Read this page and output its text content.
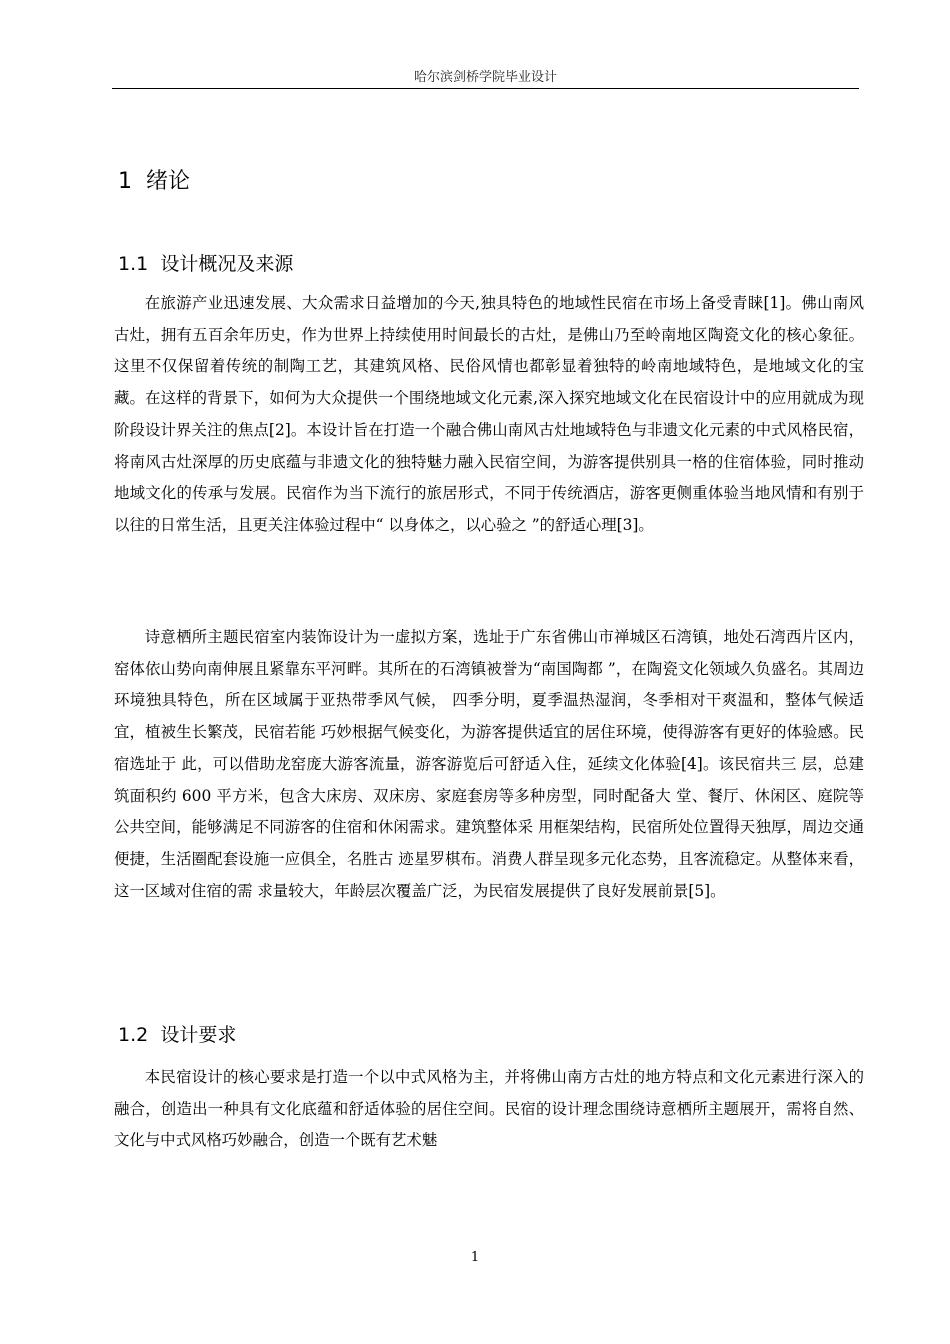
哈尔滨剑桥学院毕业设计
1 绪论
1.1 设计概况及来源

在旅游产业迅速发展、大众需求日益增加的今天,独具特色的地域性民宿在市场上备受青睐[1]。佛山南风古灶，拥有五百余年历史，作为世界上持续使用时间最长的古灶，是佛山乃至岭南地区陶瓷文化的核心象征。这里不仅保留着传统的制陶工艺，其建筑风格、民俗风情也都彰显着独特的岭南地域特色，是地域文化的宝藏。在这样的背景下，如何为大众提供一个围绕地域文化元素,深入探究地域文化在民宿设计中的应用就成为现阶段设计界关注的焦点[2]。本设计旨在打造一个融合佛山南风古灶地域特色与非遗文化元素的中式风格民宿，将南风古灶深厚的历史底蕴与非遗文化的独特魅力融入民宿空间，为游客提供别具一格的住宿体验，同时推动地域文化的传承与发展。民宿作为当下流行的旅居形式，不同于传统酒店，游客更侧重体验当地风情和有别于以往的日常生活，且更关注体验过程中“ 以身体之，以心验之 ”的舒适心理[3]。

诗意栖所主题民宿室内装饰设计为一虚拟方案，选址于广东省佛山市禅城区石湾镇，地处石湾西片区内，窑体依山势向南伸展且紧靠东平河畔。其所在的石湾镇被誉为“南国陶都 ”，在陶瓷文化领域久负盛名。其周边环境独具特色，所在区域属于亚热带季风气候， 四季分明，夏季温热湿润，冬季相对干爽温和，整体气候适宜，植被生长繁茂，民宿若能 巧妙根据气候变化，为游客提供适宜的居住环境，使得游客有更好的体验感。民宿选址于 此，可以借助龙窑庞大游客流量，游客游览后可舒适入住，延续文化体验[4]。该民宿共三 层，总建筑面积约 600 平方米，包含大床房、双床房、家庭套房等多种房型，同时配备大 堂、餐厅、休闲区、庭院等公共空间，能够满足不同游客的住宿和休闲需求。建筑整体采 用框架结构，民宿所处位置得天独厚，周边交通便捷，生活圈配套设施一应俱全，名胜古 迹星罗棋布。消费人群呈现多元化态势，且客流稳定。从整体来看，这一区域对住宿的需 求量较大，年龄层次覆盖广泛，为民宿发展提供了良好发展前景[5]。

1.2 设计要求

本民宿设计的核心要求是打造一个以中式风格为主，并将佛山南方古灶的地方特点和文化元素进行深入的融合，创造出一种具有文化底蕴和舒适体验的居住空间。民宿的设计理念围绕诗意栖所主题展开，需将自然、文化与中式风格巧妙融合，创造一个既有艺术魅

1
